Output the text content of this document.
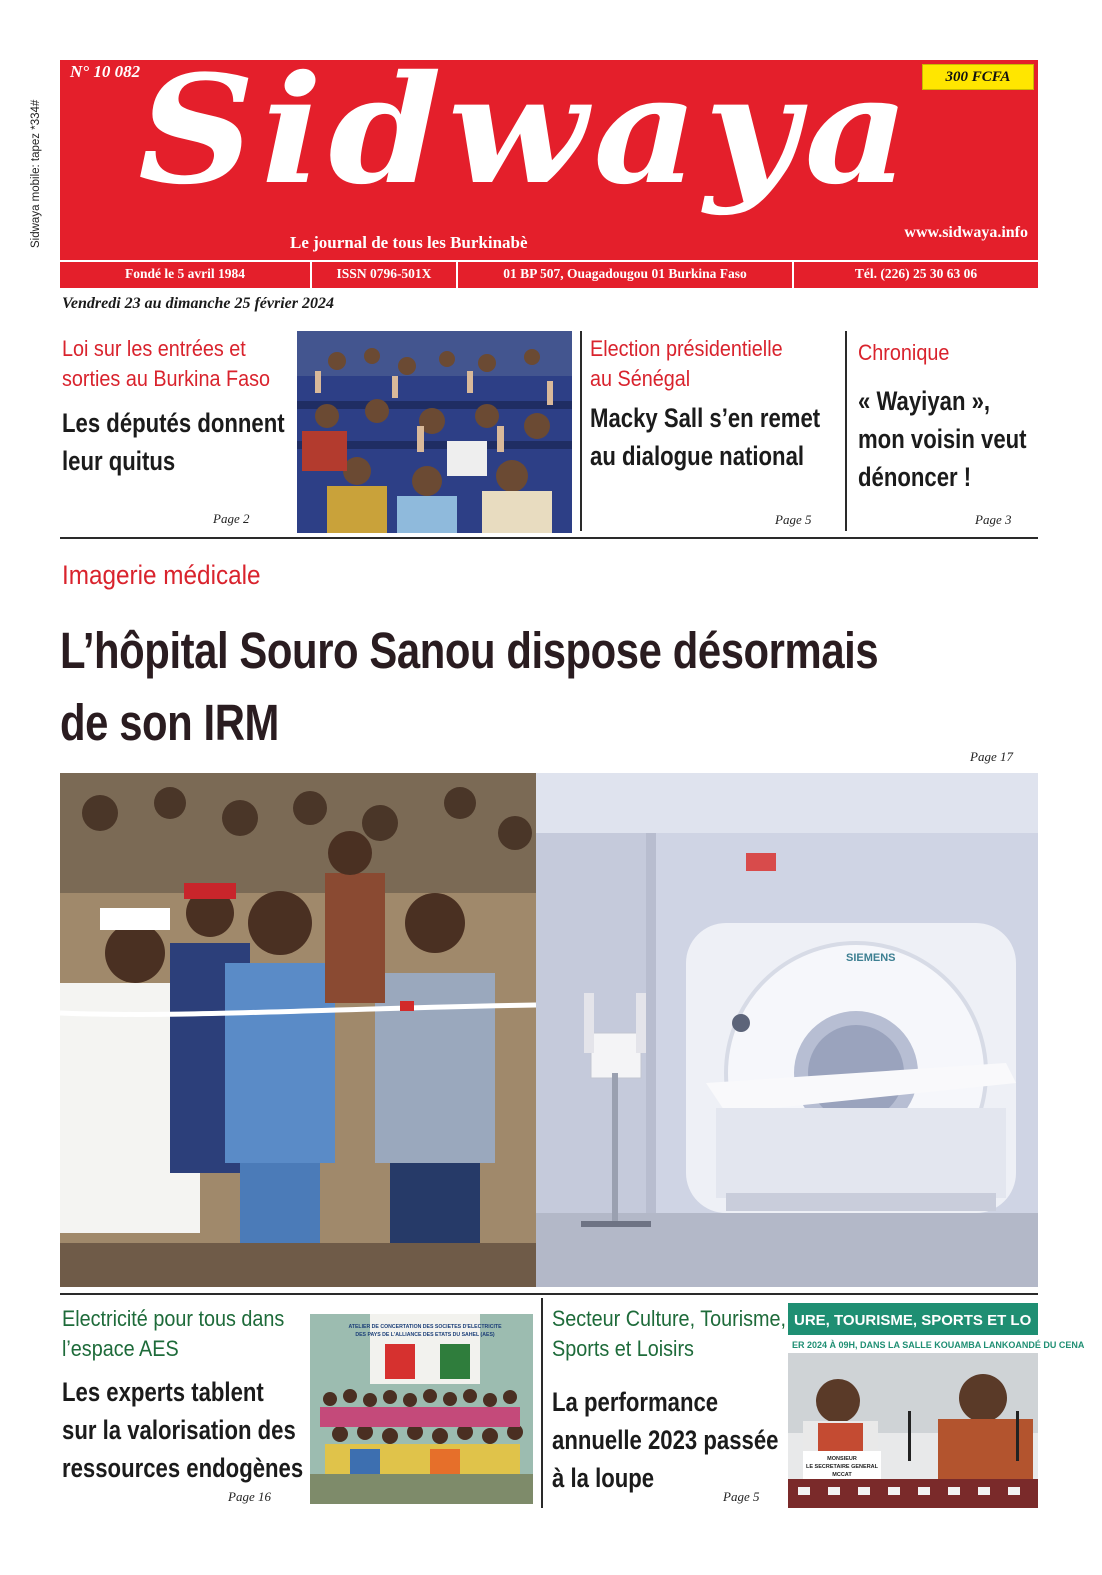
Sidwaya mobile: tapez *334#
N° 10 082	300 FCFA
Sidwaya
Le journal de tous les Burkinabè
www.sidwaya.info
Fondé le 5 avril 1984	ISSN 0796-501X	01 BP 507, Ouagadougou 01 Burkina Faso	Tél. (226) 25 30 63 06
Vendredi 23 au dimanche 25 février 2024
Loi sur les entrées et
sorties au Burkina Faso
Les députés donnent
leur quitus
Page 2
Election présidentielle
au Sénégal
Macky Sall s’en remet
au dialogue national
Page 5
Chronique
« Wayiyan »,
mon voisin veut
dénoncer !
Page 3
Imagerie médicale
L’hôpital Souro Sanou dispose désormais
de son IRM
Page 17
SIEMENS
Electricité pour tous dans
l’espace AES
Les experts tablent
sur la valorisation des
ressources endogènes
Page 16
ATELIER DE CONCERTATION DES SOCIETES D'ELECTRICITE
DES PAYS DE L'ALLIANCE DES ETATS DU SAHEL (AES)
Secteur Culture, Tourisme,
Sports et Loisirs
La performance
annuelle 2023 passée
à la loupe
Page 5
URE, TOURISME, SPORTS ET LO
ER 2024 À 09H, DANS LA SALLE KOUAMBA LANKOANDÉ DU CENA
MONSIEUR
LE SECRETAIRE GENERAL
MCCAT
